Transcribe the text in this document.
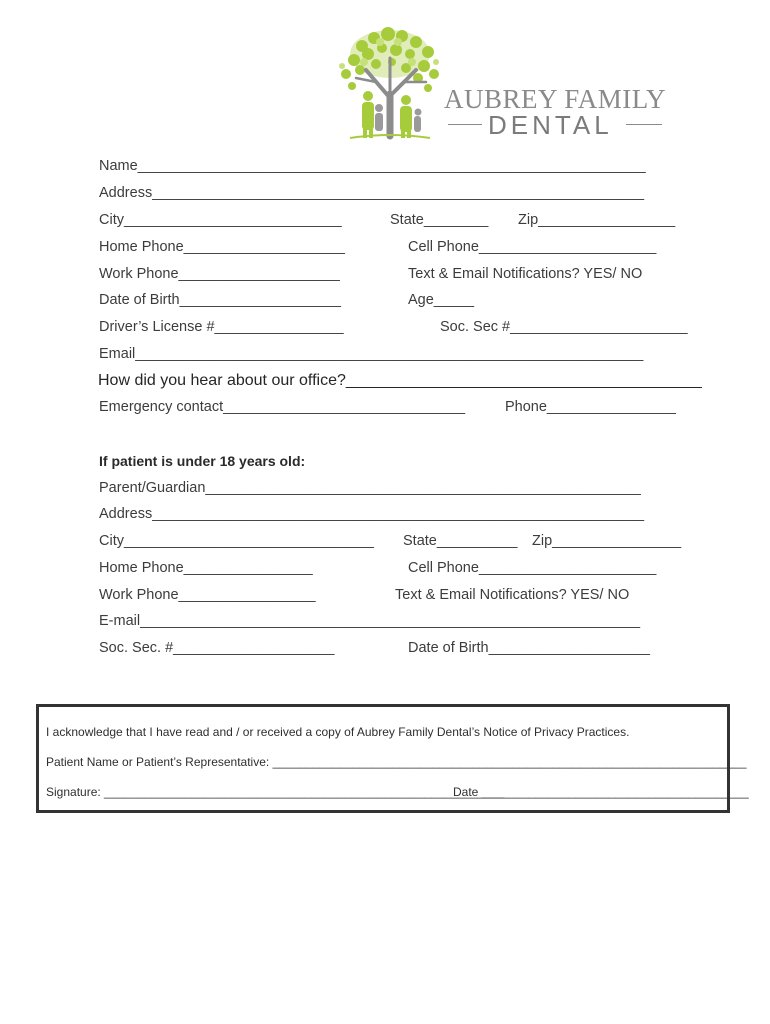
AUBREY FAMILY
DENTAL
Name_______________________________________________________________
Address_____________________________________________________________
City___________________________	State________ Zip_________________
Home Phone____________________	Cell Phone______________________
Work Phone____________________	Text & Email Notifications? YES/ NO
Date of Birth____________________	Age_____
Driver’s License #________________	Soc. Sec #______________________
Email_______________________________________________________________
How did you hear about our office?________________________________________
Emergency contact______________________________	Phone________________
If patient is under 18 years old:
Parent/Guardian______________________________________________________
Address_____________________________________________________________
City_______________________________ State__________ Zip________________
Home Phone________________	Cell Phone______________________
Work Phone_________________	Text & Email Notifications? YES/ NO
E-mail______________________________________________________________
Soc. Sec. #____________________	Date of Birth____________________
I acknowledge that I have read and / or received a copy of Aubrey Family Dental’s Notice of Privacy Practices.
Patient Name or Patient’s Representative: _______________________________________________________________________
Signature: ____________________________________________________________
Date ________________________________________
